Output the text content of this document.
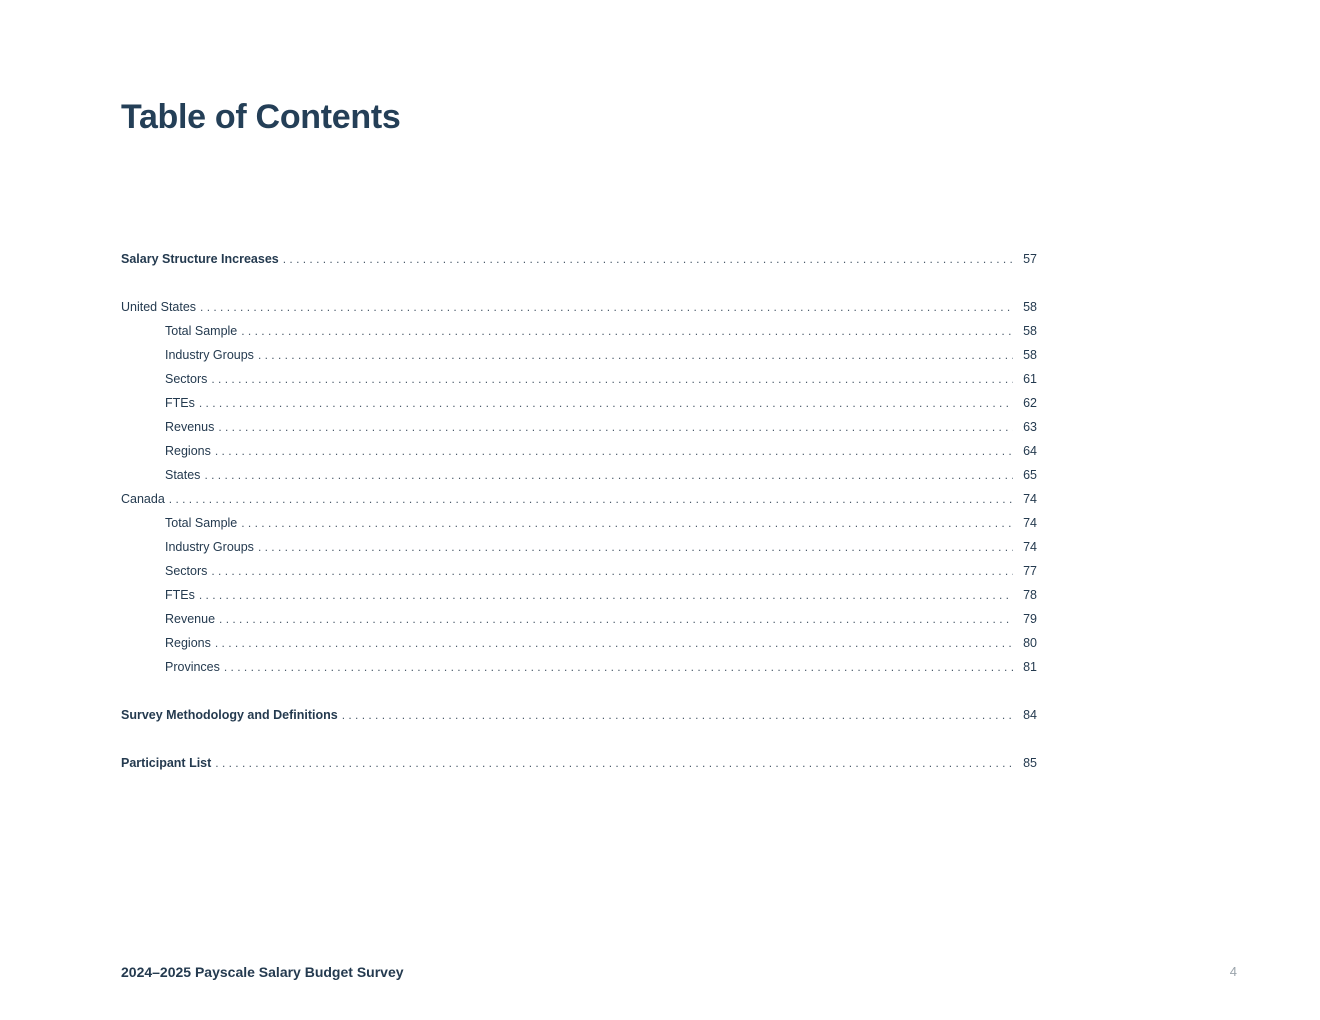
Table of Contents
Salary Structure Increases . . .	57
United States . . .	58
Total Sample . . .	58
Industry Groups . . .	58
Sectors . . .	61
FTEs . . .	62
Revenus . . .	63
Regions . . .	64
States . . .	65
Canada . . .	74
Total Sample . . .	74
Industry Groups . . .	74
Sectors . . .	77
FTEs . . .	78
Revenue . . .	79
Regions . . .	80
Provinces . . .	81
Survey Methodology and Definitions . . .	84
Participant List . . .	85
2024–2025 Payscale Salary Budget Survey	4
